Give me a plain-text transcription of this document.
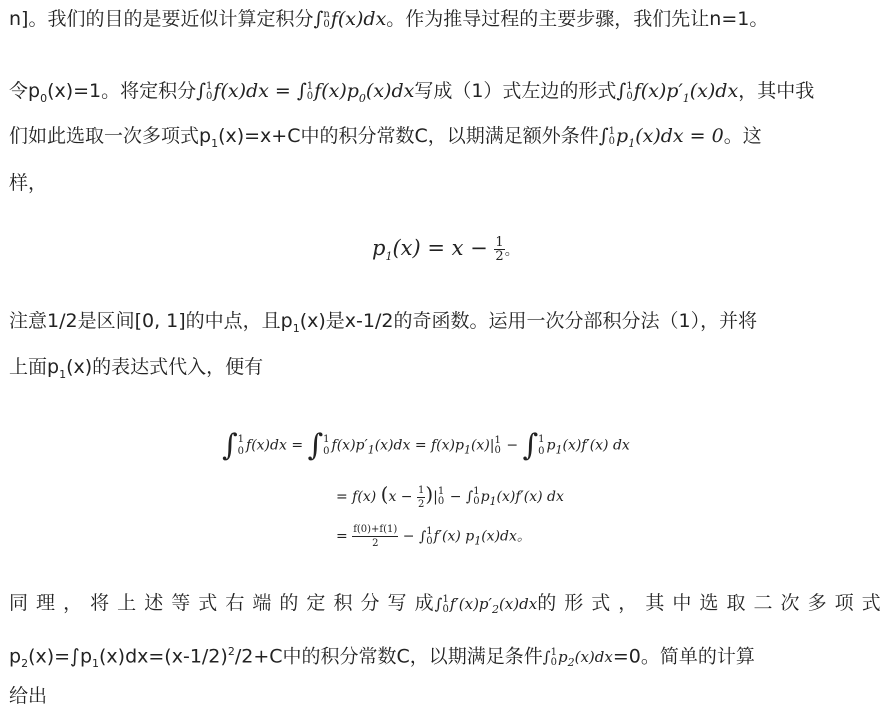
n]。我们的目的是要近似计算定积分∫ n
0 f(x)dx。作为推导过程的主要步骤，我们先让n=1。
令$p_0(x)=1$。将定积分∫ 1
0 f(x)dx = ∫ 1
0 $f(x)p_0(x)dx$写成（1）式左边的形式∫ 1
0 $f(x)p'_1(x)dx$，其中我
们如此选取一次多项式$p_1(x)=x+C$中的积分常数C，以期满足额外条件∫ 1
0 $p_1(x)dx = 0$。这
样，
$p_1(x) = x - \frac{1}{2}$ 。
注意1/2是区间[0, 1]的中点，且$p_1(x)$是x-1/2的奇函数。运用一次分部积分法（1），并将
上面$p_1(x)$的表达式代入，便有
∫ 1
0 f(x)dx = ∫ 1
0 $f(x)p'_1(x)dx = f(x)p_1(x)|$ 1
0 − ∫ 1
0 $p_1(x)f'(x)$ dx
= f(x) ($x - \frac{1}{2}$ )| 1
0 − ∫ 1
0 $p_1(x)f'(x)$ dx
= $\frac{f(0)+f(1)}{2}$ − ∫ 1
0 f′(x) $p_1(x)dx$。
同 理 ， 将 上 述 等 式 右 端 的 定 积 分 写 成∫ 1
0 $f'(x)p'_2(x)dx$的 形 式 ， 其 中 选 取 二 次 多 项 式
$p_2(x)=\int p_1(x)dx=(x-1/2)^2/2+C$中的积分常数C，以期满足条件∫ 1
0 $p_2(x)dx=0$。简单的计算
给出
